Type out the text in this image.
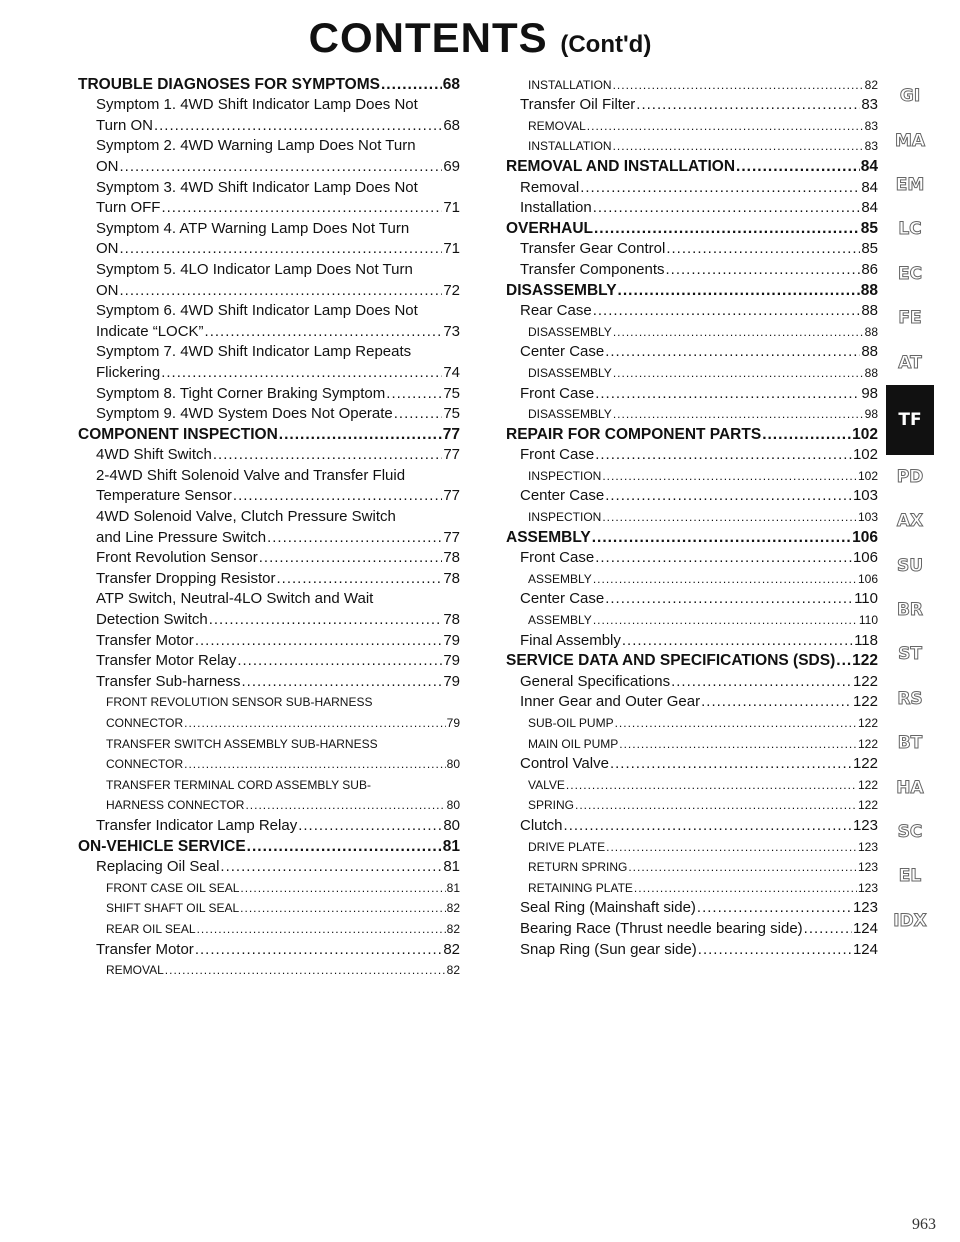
CONTENTS (Cont'd)
TROUBLE DIAGNOSES FOR SYMPTOMS .....	68
Symptom 1. 4WD Shift Indicator Lamp Does Not
Turn ON .....	68
Symptom 2. 4WD Warning Lamp Does Not Turn
ON .....	69
Symptom 3. 4WD Shift Indicator Lamp Does Not
Turn OFF .....	71
Symptom 4. ATP Warning Lamp Does Not Turn
ON .....	71
Symptom 5. 4LO Indicator Lamp Does Not Turn
ON .....	72
Symptom 6. 4WD Shift Indicator Lamp Does Not
Indicate “LOCK” .....	73
Symptom 7. 4WD Shift Indicator Lamp Repeats
Flickering .....	74
Symptom 8. Tight Corner Braking Symptom .....	75
Symptom 9. 4WD System Does Not Operate .....	75
COMPONENT INSPECTION .....	77
4WD Shift Switch .....	77
2-4WD Shift Solenoid Valve and Transfer Fluid
Temperature Sensor .....	77
4WD Solenoid Valve, Clutch Pressure Switch
and Line Pressure Switch .....	77
Front Revolution Sensor .....	78
Transfer Dropping Resistor .....	78
ATP Switch, Neutral-4LO Switch and Wait
Detection Switch .....	78
Transfer Motor .....	79
Transfer Motor Relay .....	79
Transfer Sub-harness .....	79
FRONT REVOLUTION SENSOR SUB-HARNESS
CONNECTOR .....	79
TRANSFER SWITCH ASSEMBLY SUB-HARNESS
CONNECTOR .....	80
TRANSFER TERMINAL CORD ASSEMBLY SUB-
HARNESS CONNECTOR .....	80
Transfer Indicator Lamp Relay .....	80
ON-VEHICLE SERVICE .....	81
Replacing Oil Seal .....	81
FRONT CASE OIL SEAL .....	81
SHIFT SHAFT OIL SEAL .....	82
REAR OIL SEAL .....	82
Transfer Motor .....	82
REMOVAL .....	82
INSTALLATION .....	82
Transfer Oil Filter .....	83
REMOVAL .....	83
INSTALLATION .....	83
REMOVAL AND INSTALLATION .....	84
Removal .....	84
Installation .....	84
OVERHAUL .....	85
Transfer Gear Control .....	85
Transfer Components .....	86
DISASSEMBLY .....	88
Rear Case .....	88
DISASSEMBLY .....	88
Center Case .....	88
DISASSEMBLY .....	88
Front Case .....	98
DISASSEMBLY .....	98
REPAIR FOR COMPONENT PARTS .....	102
Front Case .....	102
INSPECTION .....	102
Center Case .....	103
INSPECTION .....	103
ASSEMBLY .....	106
Front Case .....	106
ASSEMBLY .....	106
Center Case .....	110
ASSEMBLY .....	110
Final Assembly .....	118
SERVICE DATA AND SPECIFICATIONS (SDS) ..... 122
General Specifications .....	122
Inner Gear and Outer Gear .....	122
SUB-OIL PUMP .....	122
MAIN OIL PUMP .....	122
Control Valve .....	122
VALVE .....	122
SPRING .....	122
Clutch .....	123
DRIVE PLATE .....	123
RETURN SPRING .....	123
RETAINING PLATE .....	123
Seal Ring (Mainshaft side) .....	123
Bearing Race (Thrust needle bearing side) .....	124
Snap Ring (Sun gear side) .....	124
GI
MA
EM
LC
EC
FE
AT
TF
PD
AX
SU
BR
ST
RS
BT
HA
SC
EL
IDX
963
